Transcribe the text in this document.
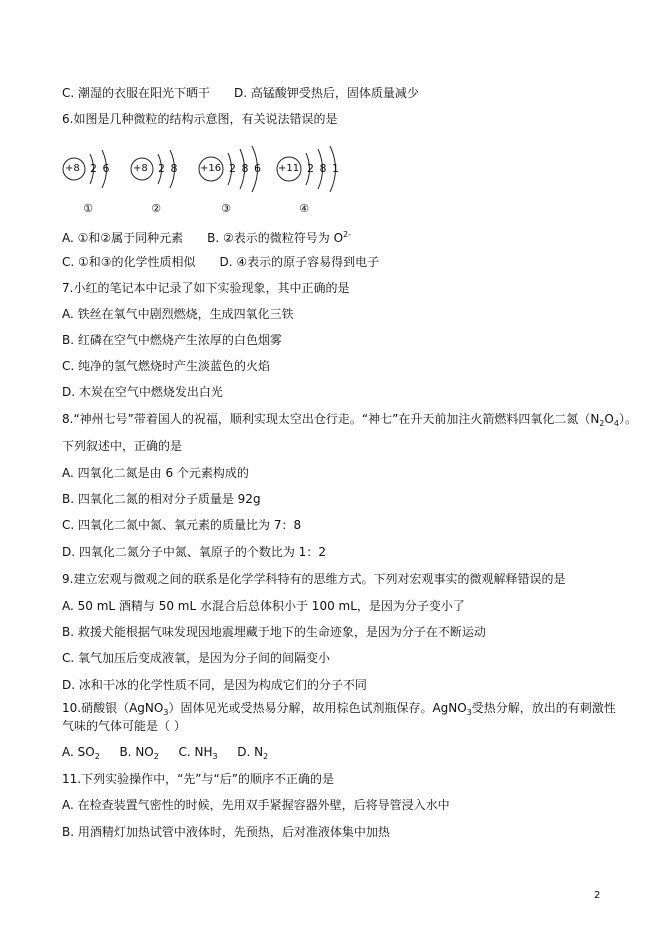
C. 潮湿的衣服在阳光下晒干 D. 高锰酸钾受热后，固体质量减少
6.如图是几种微粒的结构示意图，有关说法错误的是
+8 2 6
①
+8 2 8
②
+16 2 8 6
③
+11 2 8 1
④
A. ①和②属于同种元素 B. ②表示的微粒符号为 $O^{2-}$
C. ①和③的化学性质相似 D. ④表示的原子容易得到电子
7.小红的笔记本中记录了如下实验现象，其中正确的是
A. 铁丝在氧气中剧烈燃烧，生成四氧化三铁
B. 红磷在空气中燃烧产生浓厚的白色烟雾
C. 纯净的氢气燃烧时产生淡蓝色的火焰
D. 木炭在空气中燃烧发出白光
8.“神州七号”带着国人的祝福，顺利实现太空出仓行走。“神七”在升天前加注火箭燃料四氧化二氮$(N_2O_4)$。
下列叙述中，正确的是
A. 四氧化二氮是由 6 个元素构成的
B. 四氧化二氮的相对分子质量是 92g
C. 四氧化二氮中氮、氧元素的质量比为 7：8
D. 四氧化二氮分子中氮、氧原子的个数比为 1：2
9.建立宏观与微观之间的联系是化学学科特有的思维方式。下列对宏观事实的微观解释错误的是
A. 50 mL 酒精与 50 mL 水混合后总体积小于 100 mL，是因为分子变小了
B. 救援犬能根据气味发现因地震埋藏于地下的生命迹象，是因为分子在不断运动
C. 氧气加压后变成液氧，是因为分子间的间隔变小
D. 冰和干冰的化学性质不同，是因为构成它们的分子不同
10.硝酸银（AgNO$_3$）固体见光或受热易分解，故用棕色试剂瓶保存。AgNO$_3$受热分解，放出的有刺激性
气味的气体可能是（ ）
A. $SO_2$ B. $NO_2$ C. $NH_3$ D. $N_2$
11.下列实验操作中，“先”与“后”的顺序不正确的是
A. 在检查装置气密性的时候，先用双手紧握容器外壁，后将导管浸入水中
B. 用酒精灯加热试管中液体时，先预热，后对准液体集中加热
2
